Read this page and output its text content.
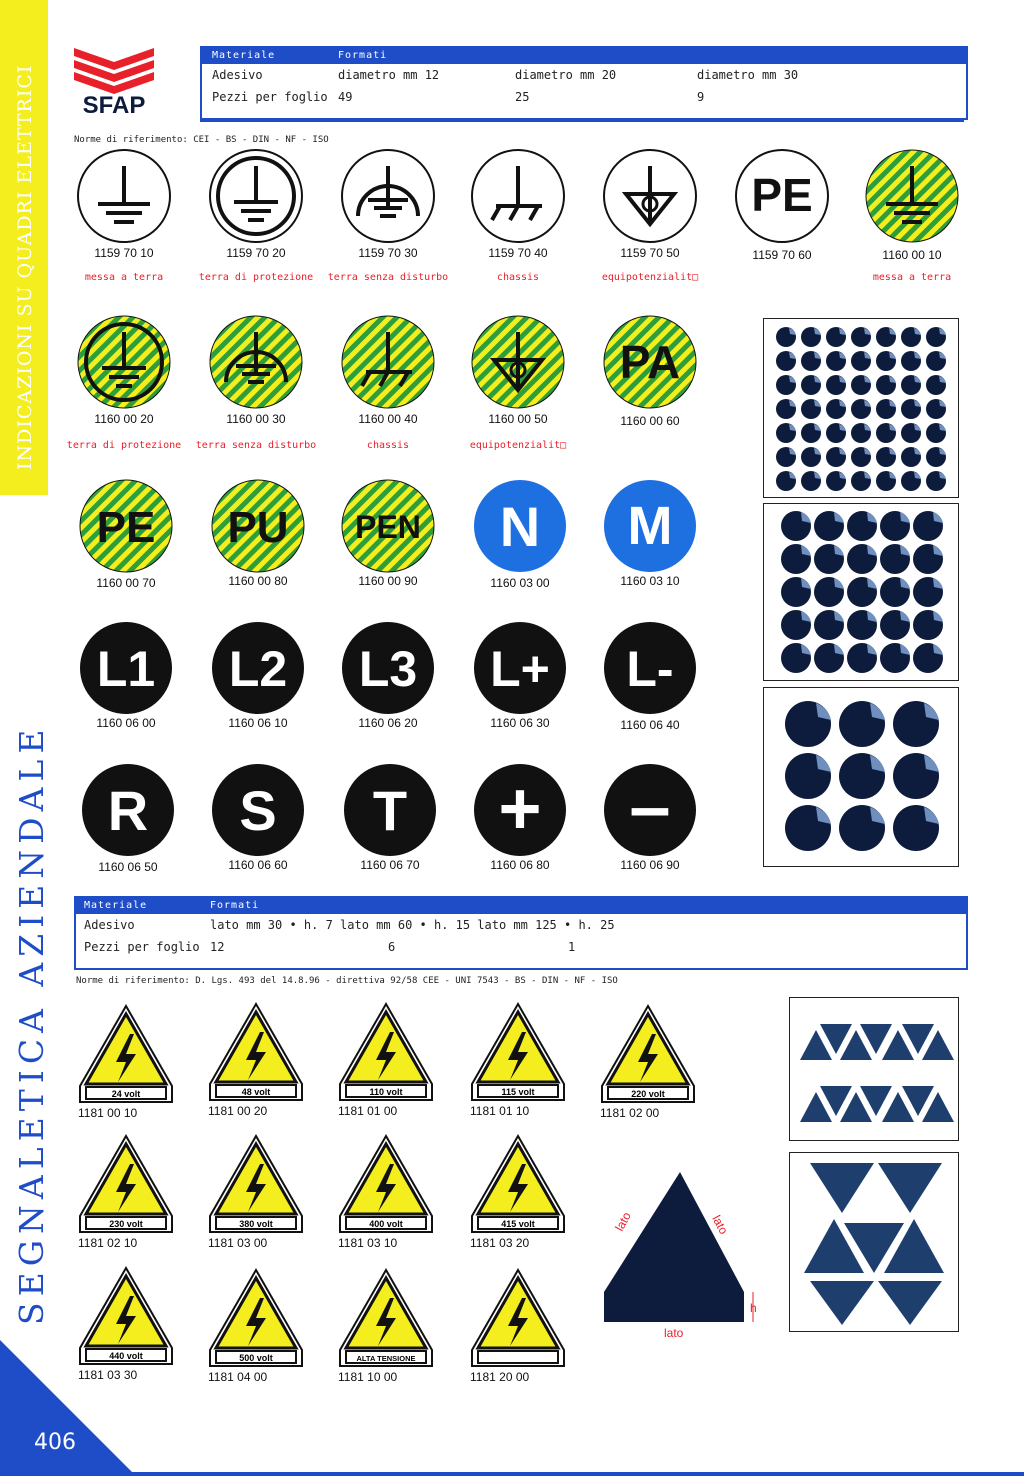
INDICAZIONI SU QUADRI ELETTRICI
SEGNALETICA AZIENDALE
406
SFAP
Materiale	Formati
Adesivo	diametro mm 12	diametro mm 20	diametro mm 30
Pezzi per foglio 49	25	9
Norme di riferimento: CEI - BS - DIN - NF - ISO
1159 70 10
messa a terra
1159 70 20
terra di protezione
1159 70 30
terra senza disturbo
1159 70 40
chassis
1159 70 50
equipotenzialit□
PE
1159 70 60	1160 00 10
messa a terra
1160 00 20
terra di protezione
1160 00 30
terra senza disturbo
1160 00 40
chassis
1160 00 50
equipotenzialit□
PA
1160 00 60
PE
1160 00 70
PU
1160 00 80
PEN
1160 00 90
N
1160 03 00
M
1160 03 10
L1
1160 06 00
L2
1160 06 10
L3
1160 06 20
L+
1160 06 30
L-
1160 06 40
R
1160 06 50
S
1160 06 60
T
1160 06 70
+
1160 06 80
–
1160 06 90
Materiale	Formati
Adesivo	lato mm 30 • h. 7 lato mm 60 • h. 15 lato mm 125 • h. 25
Pezzi per foglio 12	6	1
Norme di riferimento: D. Lgs. 493 del 14.8.96 - direttiva 92/58 CEE - UNI 7543 - BS - DIN - NF - ISO
24 volt
1181 00 10
48 volt
1181 00 20
110 volt
1181 01 00
115 volt
1181 01 10
220 volt
1181 02 00
230 volt
1181 02 10
380 volt
1181 03 00
400 volt
1181 03 10
415 volt
1181 03 20
440 volt
1181 03 30
500 volt
1181 04 00
ALTA TENSIONE
1181 10 00	1181 20 00
lato	lato
h
lato
